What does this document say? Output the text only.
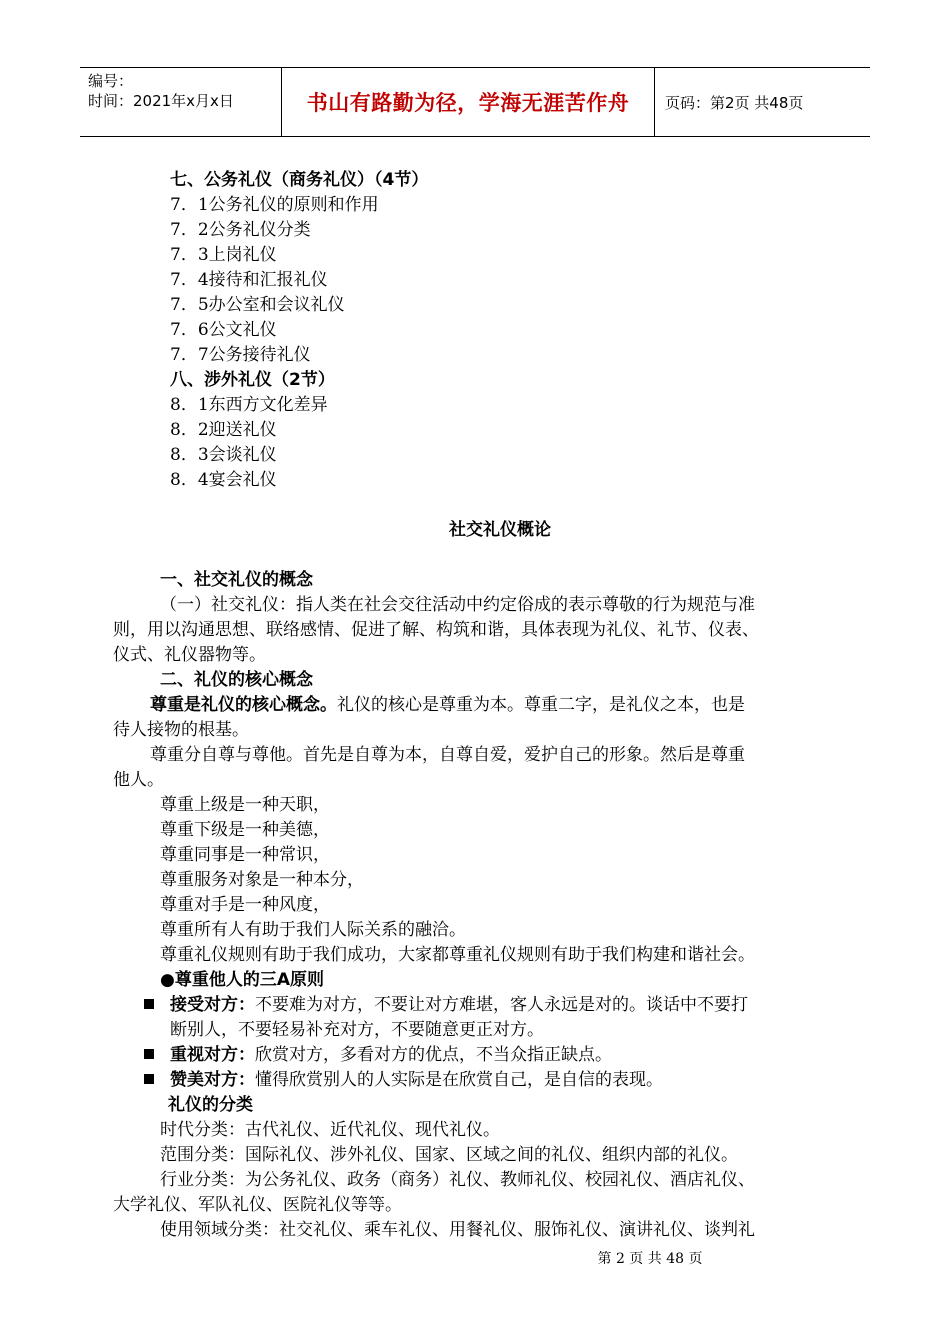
编号：
时间：2021年x月x日	书山有路勤为径，学海无涯苦作舟 页码：第2页 共48页
七、公务礼仪（商务礼仪）（4节）
7．1公务礼仪的原则和作用
7．2公务礼仪分类
7．3上岗礼仪
7．4接待和汇报礼仪
7．5办公室和会议礼仪
7．6公文礼仪
7．7公务接待礼仪
八、涉外礼仪（2节）
8．1东西方文化差异
8．2迎送礼仪
8．3会谈礼仪
8．4宴会礼仪
社交礼仪概论
一、社交礼仪的概念
（一）社交礼仪：指人类在社会交往活动中约定俗成的表示尊敬的行为规范与准
则，用以沟通思想、联络感情、促进了解、构筑和谐，具体表现为礼仪、礼节、仪表、
仪式、礼仪器物等。
二、礼仪的核心概念
尊重是礼仪的核心概念。礼仪的核心是尊重为本。尊重二字，是礼仪之本，也是
待人接物的根基。
尊重分自尊与尊他。首先是自尊为本，自尊自爱，爱护自己的形象。然后是尊重
他人。
尊重上级是一种天职，
尊重下级是一种美德，
尊重同事是一种常识，
尊重服务对象是一种本分，
尊重对手是一种风度，
尊重所有人有助于我们人际关系的融洽。
尊重礼仪规则有助于我们成功，大家都尊重礼仪规则有助于我们构建和谐社会。
●尊重他人的三A原则
接受对方：不要难为对方，不要让对方难堪，客人永远是对的。谈话中不要打
断别人，不要轻易补充对方，不要随意更正对方。
重视对方：欣赏对方，多看对方的优点，不当众指正缺点。
赞美对方：懂得欣赏别人的人实际是在欣赏自己，是自信的表现。
礼仪的分类
时代分类：古代礼仪、近代礼仪、现代礼仪。
范围分类：国际礼仪、涉外礼仪、国家、区域之间的礼仪、组织内部的礼仪。
行业分类：为公务礼仪、政务（商务）礼仪、教师礼仪、校园礼仪、酒店礼仪、
大学礼仪、军队礼仪、医院礼仪等等。
使用领域分类：社交礼仪、乘车礼仪、用餐礼仪、服饰礼仪、演讲礼仪、谈判礼
第 2 页 共 48 页
